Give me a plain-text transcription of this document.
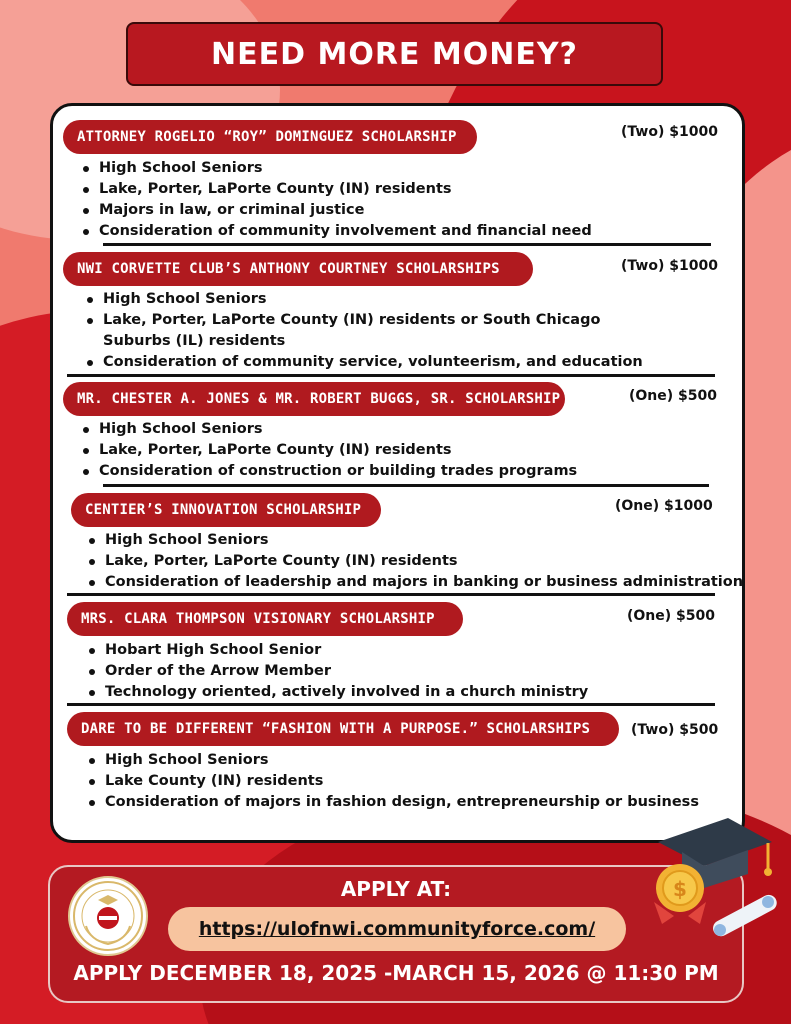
NEED MORE MONEY?
ATTORNEY ROGELIO “ROY” DOMINGUEZ SCHOLARSHIP	(Two) $1000
High School Seniors
Lake, Porter, LaPorte County (IN) residents
Majors in law, or criminal justice
Consideration of community involvement and financial need
NWI CORVETTE CLUB’S ANTHONY COURTNEY SCHOLARSHIPS	(Two) $1000
High School Seniors
Lake, Porter, LaPorte County (IN) residents or South Chicago Suburbs (IL) residents
Consideration of community service, volunteerism, and education
MR. CHESTER A. JONES & MR. ROBERT BUGGS, SR. SCHOLARSHIP	(One) $500
High School Seniors
Lake, Porter, LaPorte County (IN) residents
Consideration of construction or building trades programs
CENTIER’S INNOVATION SCHOLARSHIP	(One) $1000
High School Seniors
Lake, Porter, LaPorte County (IN) residents
Consideration of leadership and majors in banking or business administration
MRS. CLARA THOMPSON VISIONARY SCHOLARSHIP	(One) $500
Hobart High School Senior
Order of the Arrow Member
Technology oriented, actively involved in a church ministry
DARE TO BE DIFFERENT “FASHION WITH A PURPOSE.” SCHOLARSHIPS	(Two) $500
High School Seniors
Lake County (IN) residents
Consideration of majors in fashion design, entrepreneurship or business
APPLY AT:
https://ulofnwi.communityforce.com/
APPLY DECEMBER 18, 2025 -MARCH 15, 2026 @ 11:30 PM
$
